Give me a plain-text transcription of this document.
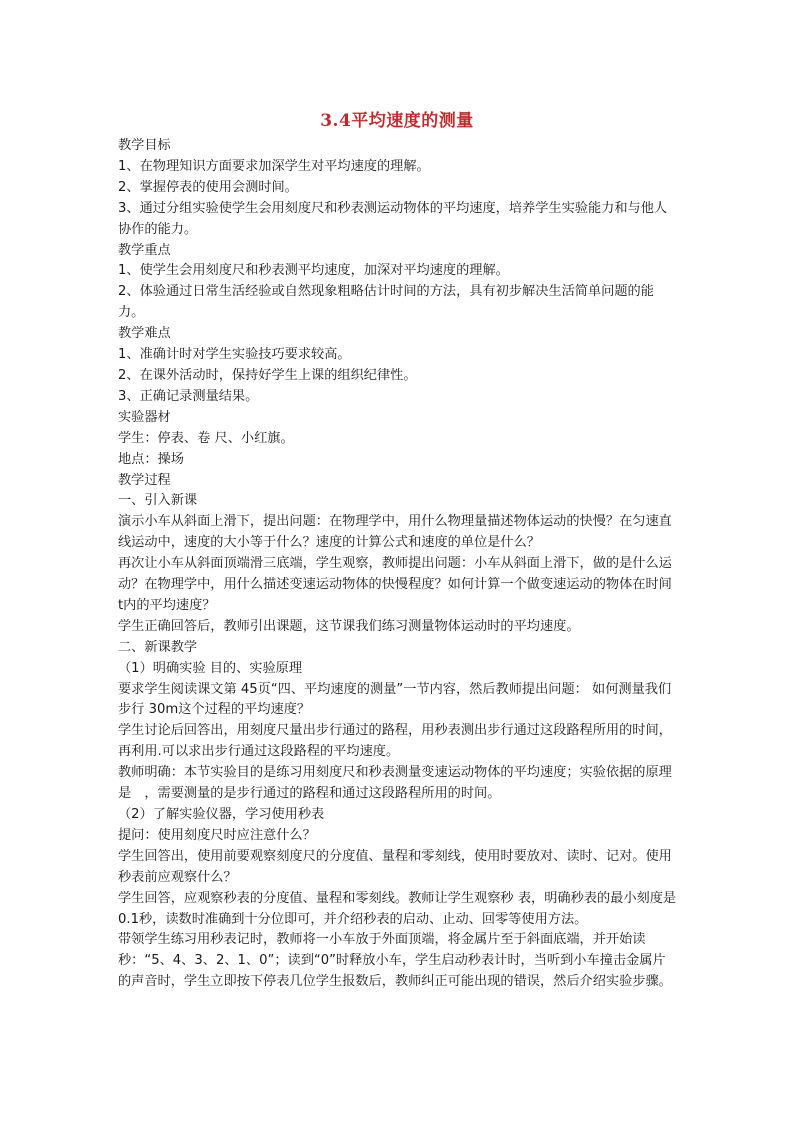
3.4平均速度的测量

教学目标

1、在物理知识方面要求加深学生对平均速度的理解。

2、掌握停表的使用会测时间。

3、通过分组实验使学生会用刻度尺和秒表测运动物体的平均速度，培养学生实验能力和与他人协作的能力。

教学重点

1、使学生会用刻度尺和秒表测平均速度，加深对平均速度的理解。

2、体验通过日常生活经验或自然现象粗略估计时间的方法，具有初步解决生活简单问题的能力。

教学难点

1、准确计时对学生实验技巧要求较高。

2、在课外活动时，保持好学生上课的组织纪律性。

3、正确记录测量结果。

实验器材

学生：停表、卷 尺、小红旗。

地点：操场

教学过程

一、引入新课

演示小车从斜面上滑下，提出问题：在物理学中，用什么物理量描述物体运动的快慢？在匀速直线运动中，速度的大小等于什么？速度的计算公式和速度的单位是什么？

再次让小车从斜面顶端滑三底端，学生观察，教师提出问题：小车从斜面上滑下，做的是什么运动？在物理学中，用什么描述变速运动物体的快慢程度？如何计算一个做变速运动的物体在时间 t内的平均速度？

学生正确回答后，教师引出课题，这节课我们练习测量物体运动时的平均速度。

二、新课教学

（1）明确实验 目的、实验原理

要求学生阅读课文第 45页“四、平均速度的测量”一节内容，然后教师提出问题： 如何测量我们步行 30m这个过程的平均速度？

学生讨论后回答出，用刻度尺量出步行通过的路程，用秒表测出步行通过这段路程所用的时间，再利用.可以求出步行通过这段路程的平均速度。

教师明确：本节实验目的是练习用刻度尺和秒表测量变速运动物体的平均速度；实验依据的原理是　，需要测量的是步行通过的路程和通过这段路程所用的时间。

（2）了解实验仪器，学习使用秒表

提问：使用刻度尺时应注意什么？

学生回答出，使用前要观察刻度尺的分度值、量程和零刻线，使用时要放对、读时、记对。使用秒表前应观察什么？

学生回答，应观察秒表的分度值、量程和零刻线。教师让学生观察秒 表，明确秒表的最小刻度是 0.1秒，读数时准确到十分位即可，并介绍秒表的启动、止动、回零等使用方法。

带领学生练习用秒表记时，教师将一小车放于外面顶端，将金属片至于斜面底端，并开始读秒：“5、4、3、2、1、0”；读到“0”时释放小车，学生启动秒表计时，当听到小车撞击金属片的声音时，学生立即按下停表几位学生报数后，教师纠正可能出现的错误，然后介绍实验步骤。
